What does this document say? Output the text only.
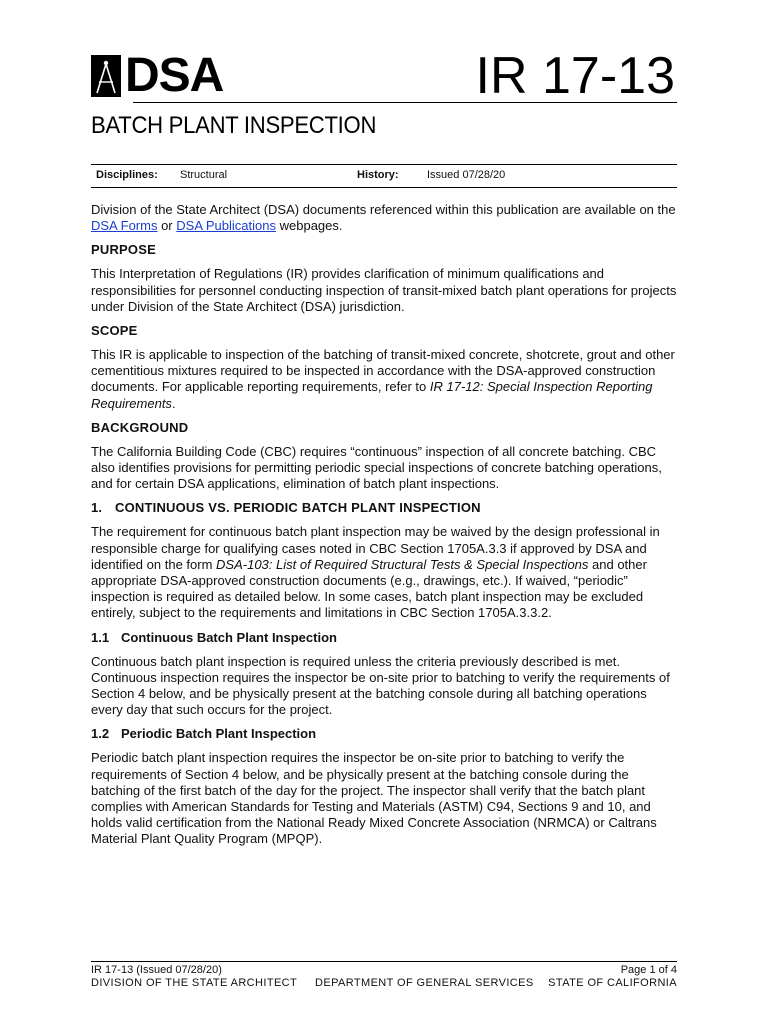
DSA	IR 17-13
BATCH PLANT INSPECTION
Disciplines: Structural	History:	Issued 07/28/20

Division of the State Architect (DSA) documents referenced within this publication are available on the DSA Forms or DSA Publications webpages.

PURPOSE

This Interpretation of Regulations (IR) provides clarification of minimum qualifications and responsibilities for personnel conducting inspection of transit-mixed batch plant operations for projects under Division of the State Architect (DSA) jurisdiction.

SCOPE

This IR is applicable to inspection of the batching of transit-mixed concrete, shotcrete, grout and other cementitious mixtures required to be inspected in accordance with the DSA-approved construction documents. For applicable reporting requirements, refer to IR 17-12: Special Inspection Reporting Requirements.

BACKGROUND

The California Building Code (CBC) requires “continuous” inspection of all concrete batching. CBC also identifies provisions for permitting periodic special inspections of concrete batching operations, and for certain DSA applications, elimination of batch plant inspections.

1. CONTINUOUS VS. PERIODIC BATCH PLANT INSPECTION

The requirement for continuous batch plant inspection may be waived by the design professional in responsible charge for qualifying cases noted in CBC Section 1705A.3.3 if approved by DSA and identified on the form DSA-103: List of Required Structural Tests & Special Inspections and other appropriate DSA-approved construction documents (e.g., drawings, etc.). If waived, “periodic” inspection is required as detailed below. In some cases, batch plant inspection may be excluded entirely, subject to the requirements and limitations in CBC Section 1705A.3.3.2.

1.1 Continuous Batch Plant Inspection

Continuous batch plant inspection is required unless the criteria previously described is met. Continuous inspection requires the inspector be on-site prior to batching to verify the requirements of Section 4 below, and be physically present at the batching console during all batching operations every day that such occurs for the project.

1.2 Periodic Batch Plant Inspection

Periodic batch plant inspection requires the inspector be on-site prior to batching to verify the requirements of Section 4 below, and be physically present at the batching console during the batching of the first batch of the day for the project. The inspector shall verify that the batch plant complies with American Standards for Testing and Materials (ASTM) C94, Sections 9 and 10, and holds valid certification from the National Ready Mixed Concrete Association (NRMCA) or Caltrans Material Plant Quality Program (MPQP).

IR 17-13 (Issued 07/28/20)	Page 1 of 4
DIVISION OF THE STATE ARCHITECT DEPARTMENT OF GENERAL SERVICES STATE OF CALIFORNIA
